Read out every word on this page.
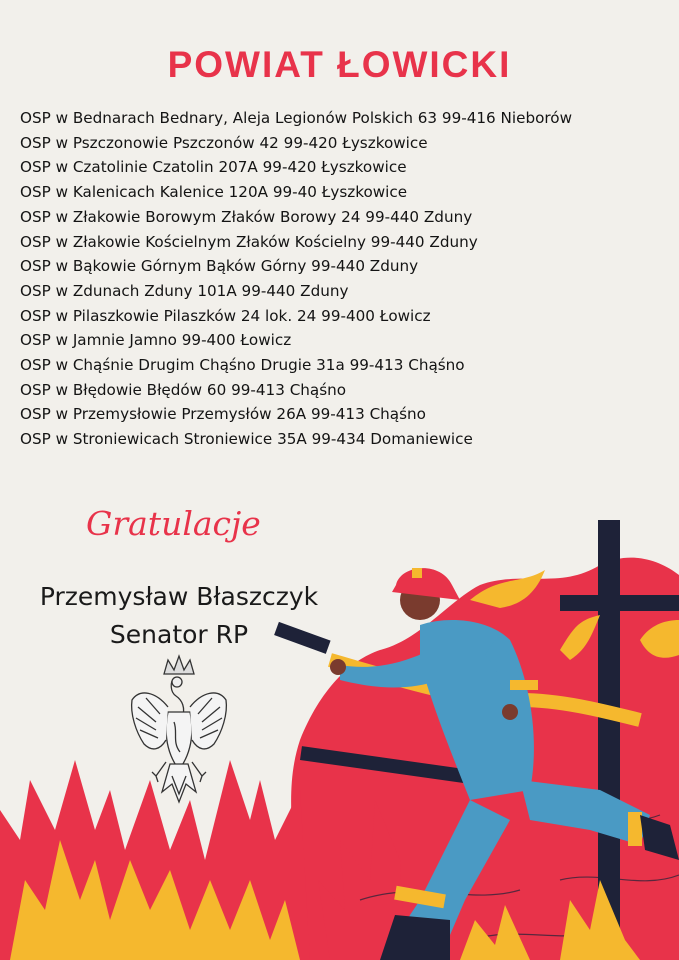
POWIAT ŁOWICKI
OSP w Bednarach Bednary, Aleja Legionów Polskich 63 99-416 Nieborów
OSP w Pszczonowie Pszczonów 42 99-420 Łyszkowice
OSP w Czatolinie Czatolin 207A 99-420 Łyszkowice
OSP w Kalenicach Kalenice 120A 99-40 Łyszkowice
OSP w Złakowie Borowym Złaków Borowy 24 99-440 Zduny
OSP w Złakowie Kościelnym Złaków Kościelny 99-440 Zduny
OSP w Bąkowie Górnym Bąków Górny 99-440 Zduny
OSP w Zdunach Zduny 101A 99-440 Zduny
OSP w Pilaszkowie Pilaszków 24 lok. 24 99-400 Łowicz
OSP w Jamnie Jamno 99-400 Łowicz
OSP w Chąśnie Drugim Chąśno Drugie 31a 99-413 Chąśno
OSP w Błędowie Błędów 60 99-413 Chąśno
OSP w Przemysłowie Przemysłów 26A 99-413 Chąśno
OSP w Stroniewicach Stroniewice 35A 99-434 Domaniewice

Gratulacje

Przemysław Błaszczyk
Senator RP
